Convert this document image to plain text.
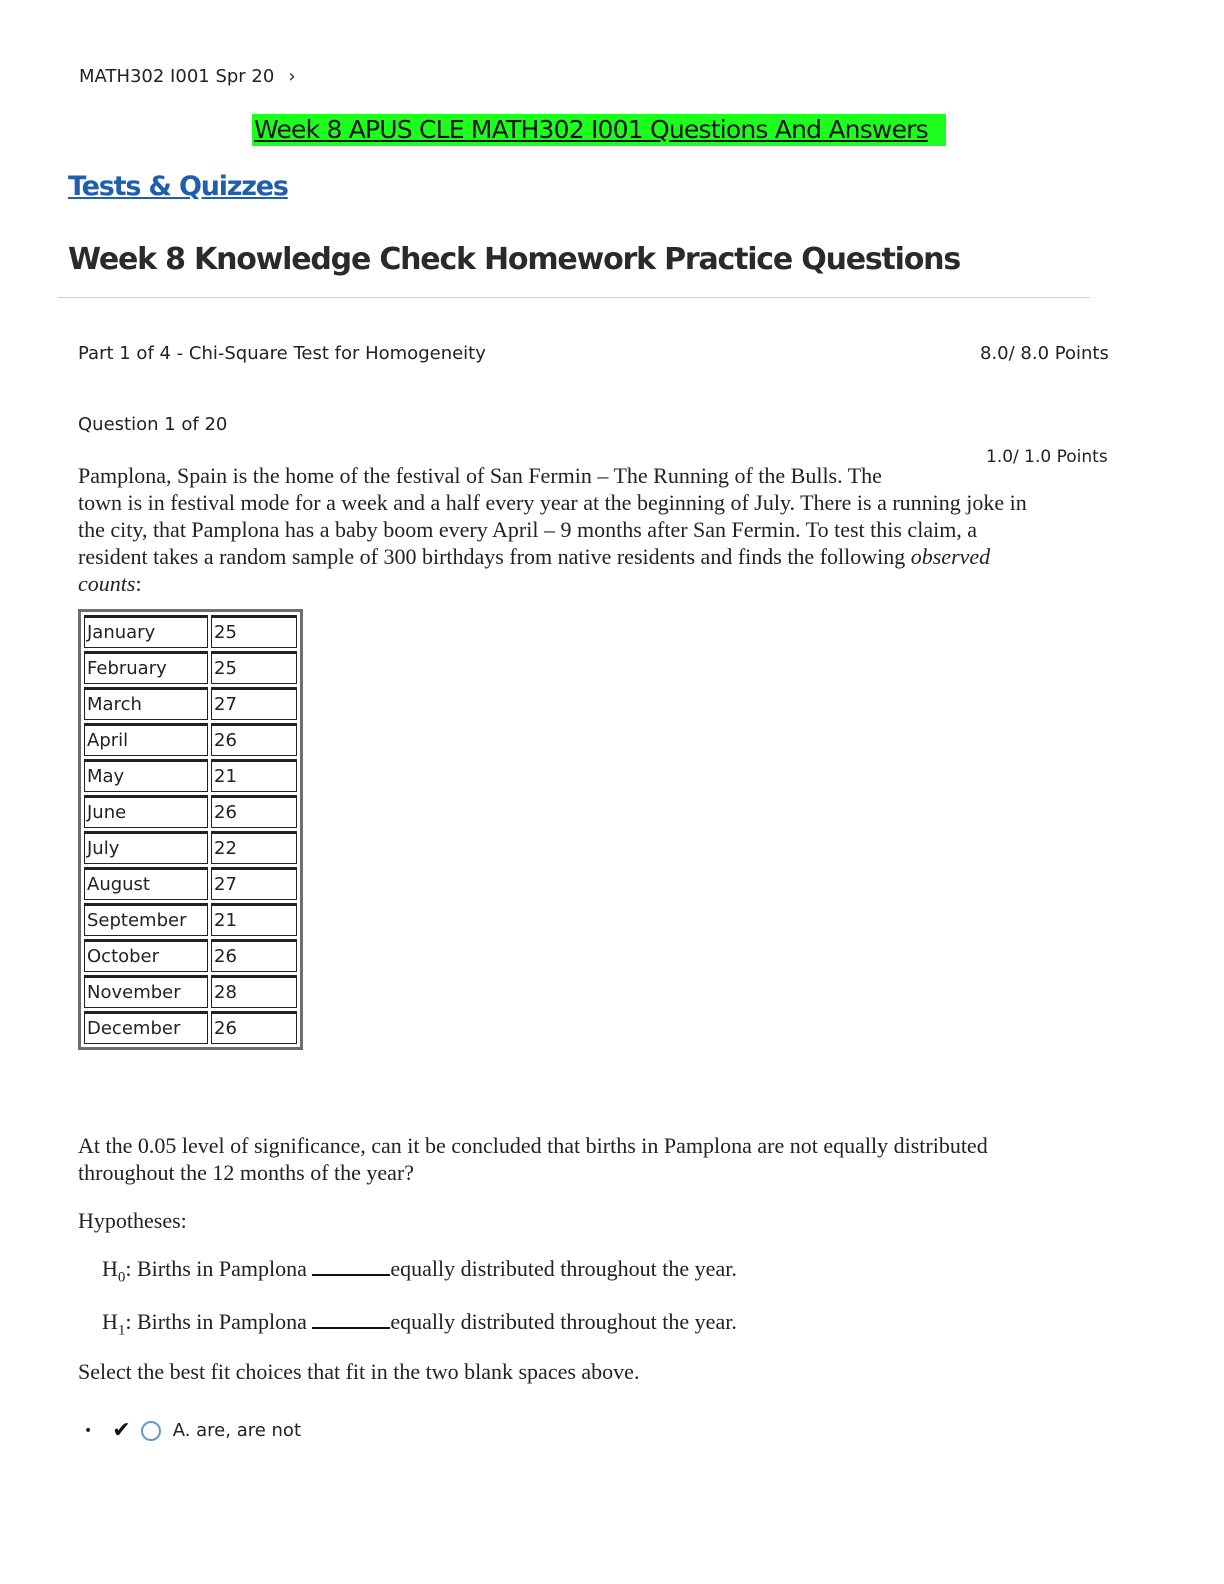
MATH302 I001 Spr 20 ›
Week 8 APUS CLE MATH302 I001 Questions And Answers
Tests & Quizzes
Week 8 Knowledge Check Homework Practice Questions
Part 1 of 4 - Chi-Square Test for Homogeneity	8.0/ 8.0 Points
Question 1 of 20
1.0/ 1.0 Points
Pamplona, Spain is the home of the festival of San Fermin – The Running of the Bulls. The
town is in festival mode for a week and a half every year at the beginning of July. There is a running joke in
the city, that Pamplona has a baby boom every April – 9 months after San Fermin. To test this claim, a
resident takes a random sample of 300 birthdays from native residents and finds the following observed
counts:
January	25
February	25
March	27
April	26
May	21
June	26
July	22
August	27
September	21
October	26
November	28
December	26
At the 0.05 level of significance, can it be concluded that births in Pamplona are not equally distributed
throughout the 12 months of the year?
Hypotheses:
$H_0$: Births in Pamplona	equally distributed throughout the year.
$H_1$: Births in Pamplona	equally distributed throughout the year.
Select the best fit choices that fit in the two blank spaces above.
• ✔ A. are, are not
